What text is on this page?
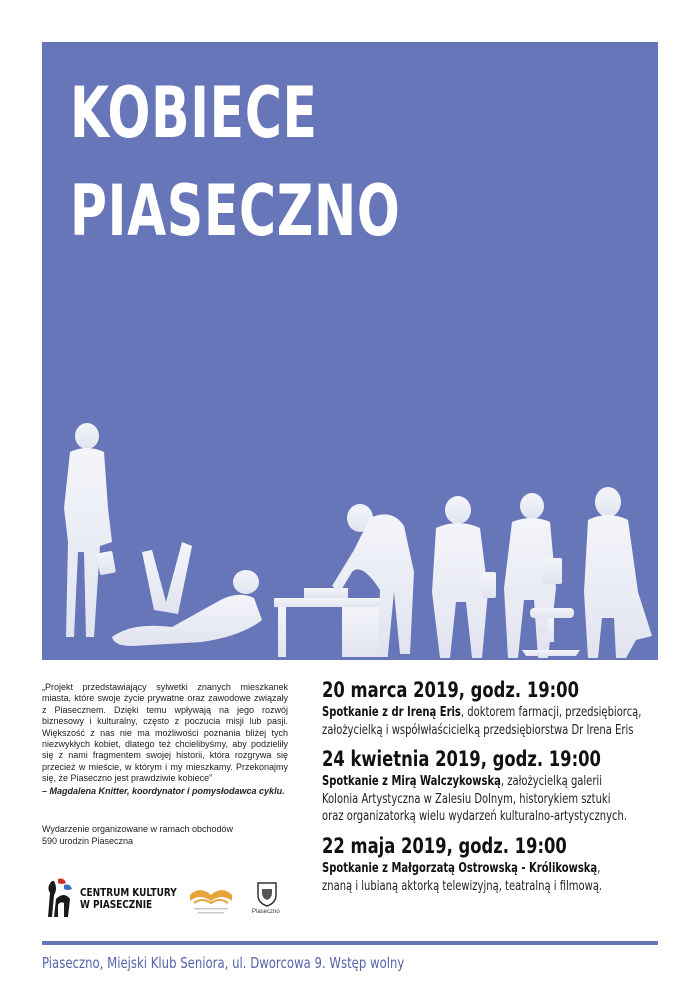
KOBIECE
PIASECZNO
„Projekt przedstawiający sylwetki znanych mieszkanek miasta, które swoje życie prywatne oraz zawodowe związały z Piasecznem. Dzięki temu wpływają na jego rozwój biznesowy i kulturalny, często z poczucia misji lub pasji. Większość z nas nie ma możliwości poznania bliżej tych niezwykłych kobiet, dlatego też chcielibyśmy, aby podzieliły się z nami fragmentem swojej historii, która rozgrywa się przecież w mieście, w którym i my mieszkamy. Przekonajmy się, że Piaseczno jest prawdziwie kobiece”
– Magdalena Knitter, koordynator i pomysłodawca cyklu.
Wydarzenie organizowane w ramach obchodów
590 urodzin Piaseczna
20 marca 2019, godz. 19:00
Spotkanie z dr Ireną Eris, doktorem farmacji, przedsiębiorcą,
założycielką i współwłaścicielką przedsiębiorstwa Dr Irena Eris
24 kwietnia 2019, godz. 19:00
Spotkanie z Mirą Walczykowską, założycielką galerii
Kolonia Artystyczna w Zalesiu Dolnym, historykiem sztuki
oraz organizatorką wielu wydarzeń kulturalno-artystycznych.
22 maja 2019, godz. 19:00
Spotkanie z Małgorzatą Ostrowską - Królikowską,
znaną i lubianą aktorką telewizyjną, teatralną i filmową.
CENTRUM KULTURY
W PIASECZNIE
Piaseczno
Piaseczno, Miejski Klub Seniora, ul. Dworcowa 9. Wstęp wolny
